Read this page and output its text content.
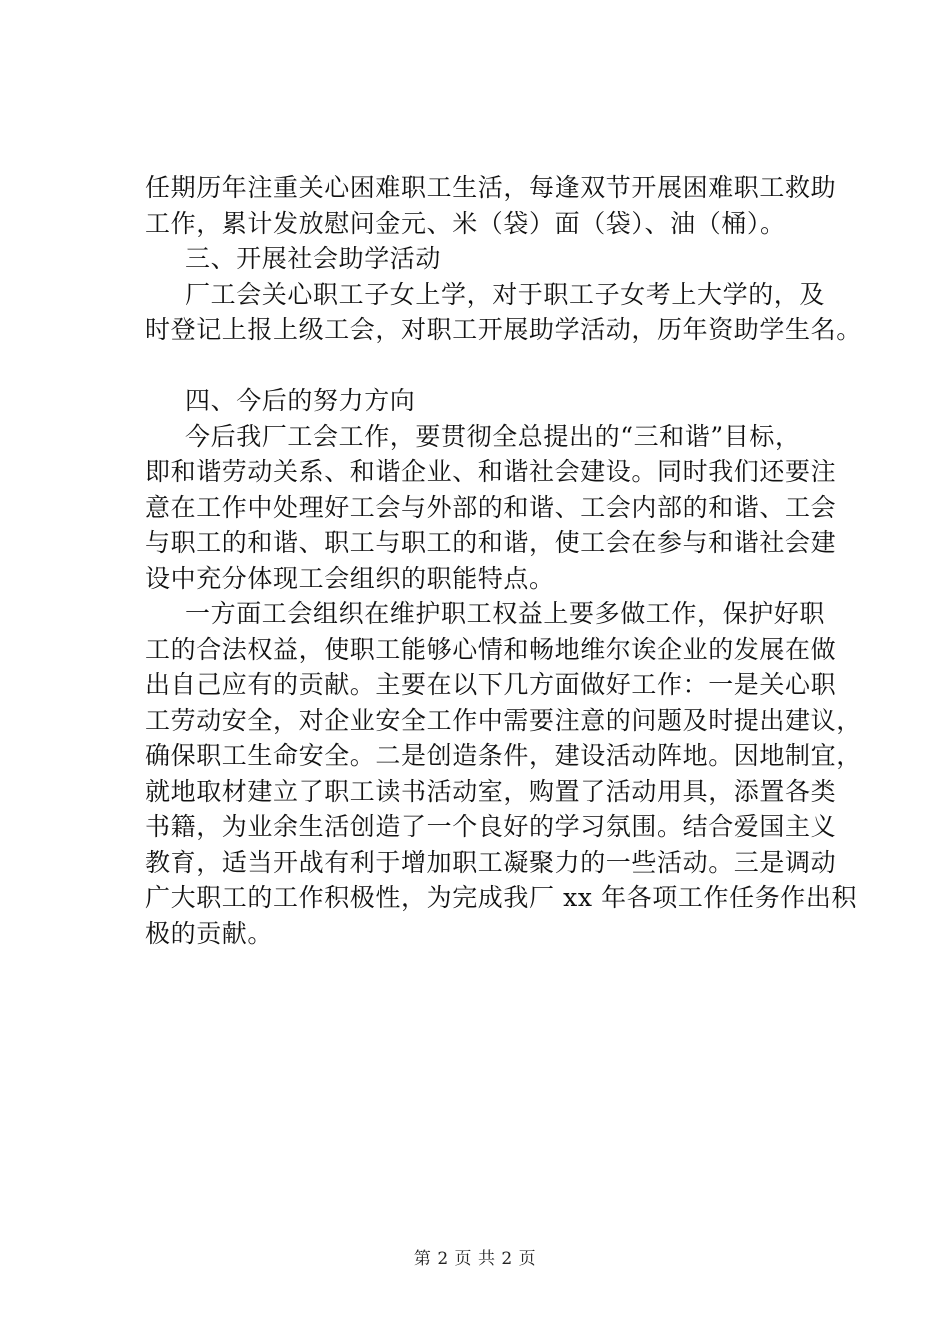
任期历年注重关心困难职工生活，每逢双节开展困难职工救助
工作，累计发放慰问金元、米（袋）面（袋）、油（桶）。
三、开展社会助学活动
厂工会关心职工子女上学，对于职工子女考上大学的，及
时登记上报上级工会，对职工开展助学活动，历年资助学生名。
四、今后的努力方向
今后我厂工会工作，要贯彻全总提出的“三和谐”目标，
即和谐劳动关系、和谐企业、和谐社会建设。同时我们还要注
意在工作中处理好工会与外部的和谐、工会内部的和谐、工会
与职工的和谐、职工与职工的和谐，使工会在参与和谐社会建
设中充分体现工会组织的职能特点。
一方面工会组织在维护职工权益上要多做工作，保护好职
工的合法权益，使职工能够心情和畅地维尔诶企业的发展在做
出自己应有的贡献。主要在以下几方面做好工作：一是关心职
工劳动安全，对企业安全工作中需要注意的问题及时提出建议，
确保职工生命安全。二是创造条件，建设活动阵地。因地制宜，
就地取材建立了职工读书活动室，购置了活动用具，添置各类
书籍，为业余生活创造了一个良好的学习氛围。结合爱国主义
教育，适当开战有利于增加职工凝聚力的一些活动。三是调动
广大职工的工作积极性，为完成我厂 xx 年各项工作任务作出积
极的贡献。
第 2 页 共 2 页
